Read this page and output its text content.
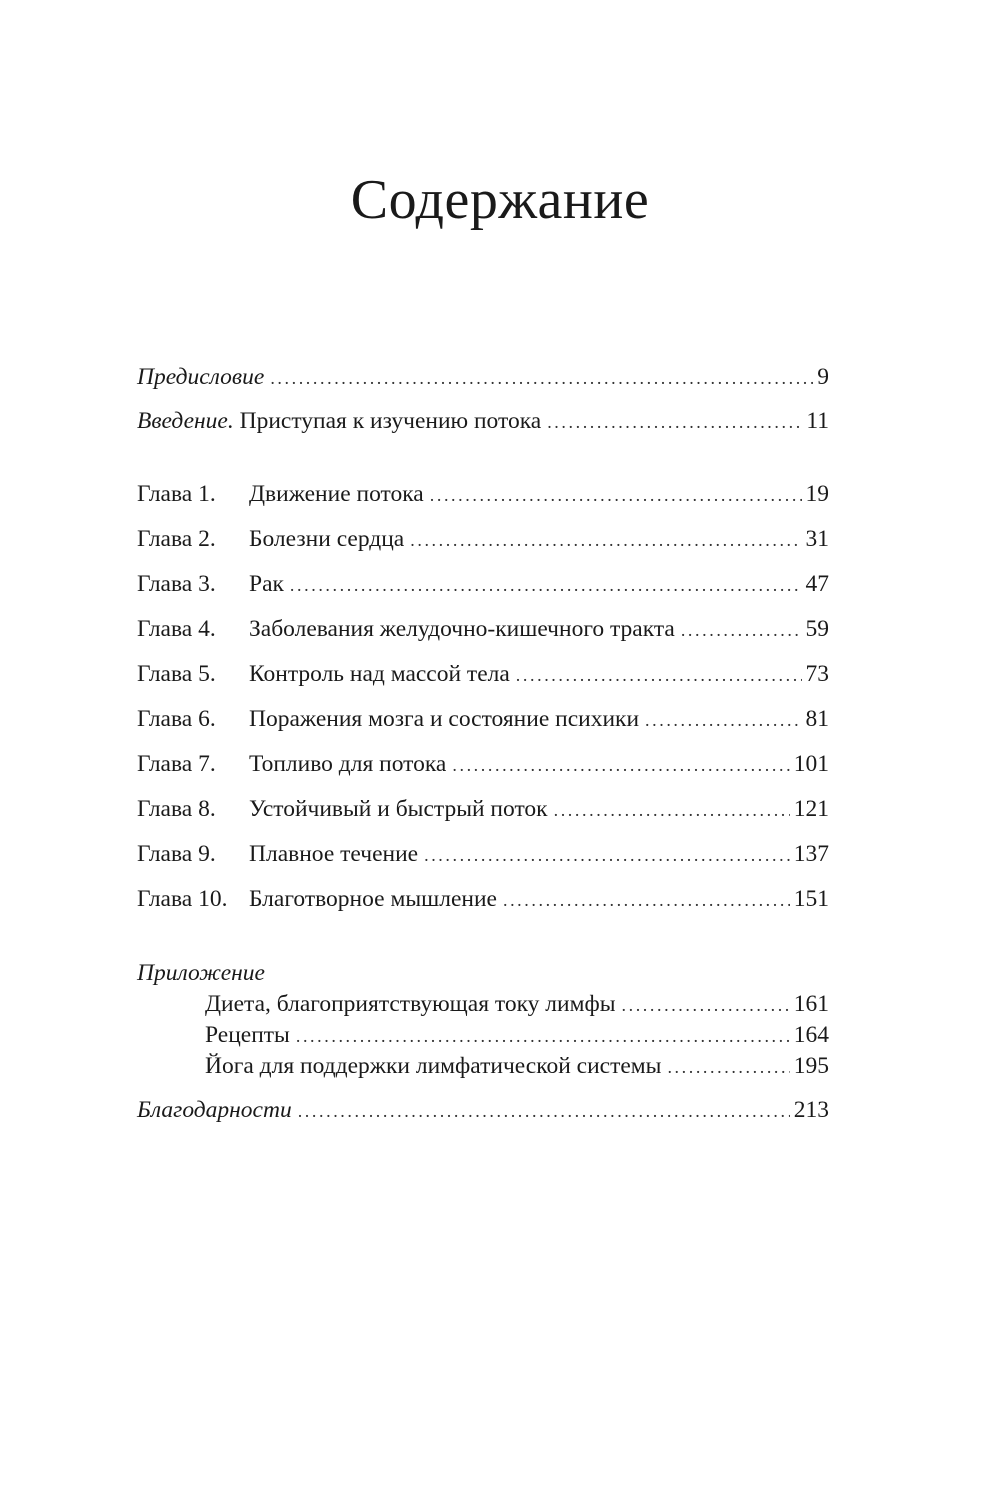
Содержание
Предисловие .....	9
Введение. Приступая к изучению потока .....	11
Глава 1.	Движение потока .....	19
Глава 2.	Болезни сердца .....	31
Глава 3.	Рак .....	47
Глава 4.	Заболевания желудочно-кишечного тракта .....	59
Глава 5.	Контроль над массой тела .....	73
Глава 6.	Поражения мозга и состояние психики .....	81
Глава 7.	Топливо для потока .....	101
Глава 8.	Устойчивый и быстрый поток .....	121
Глава 9.	Плавное течение .....	137
Глава 10. Благотворное мышление .....	151
Приложение
Диета, благоприятствующая току лимфы .....	161
Рецепты .....	164
Йога для поддержки лимфатической системы .....	195
Благодарности .....	213
